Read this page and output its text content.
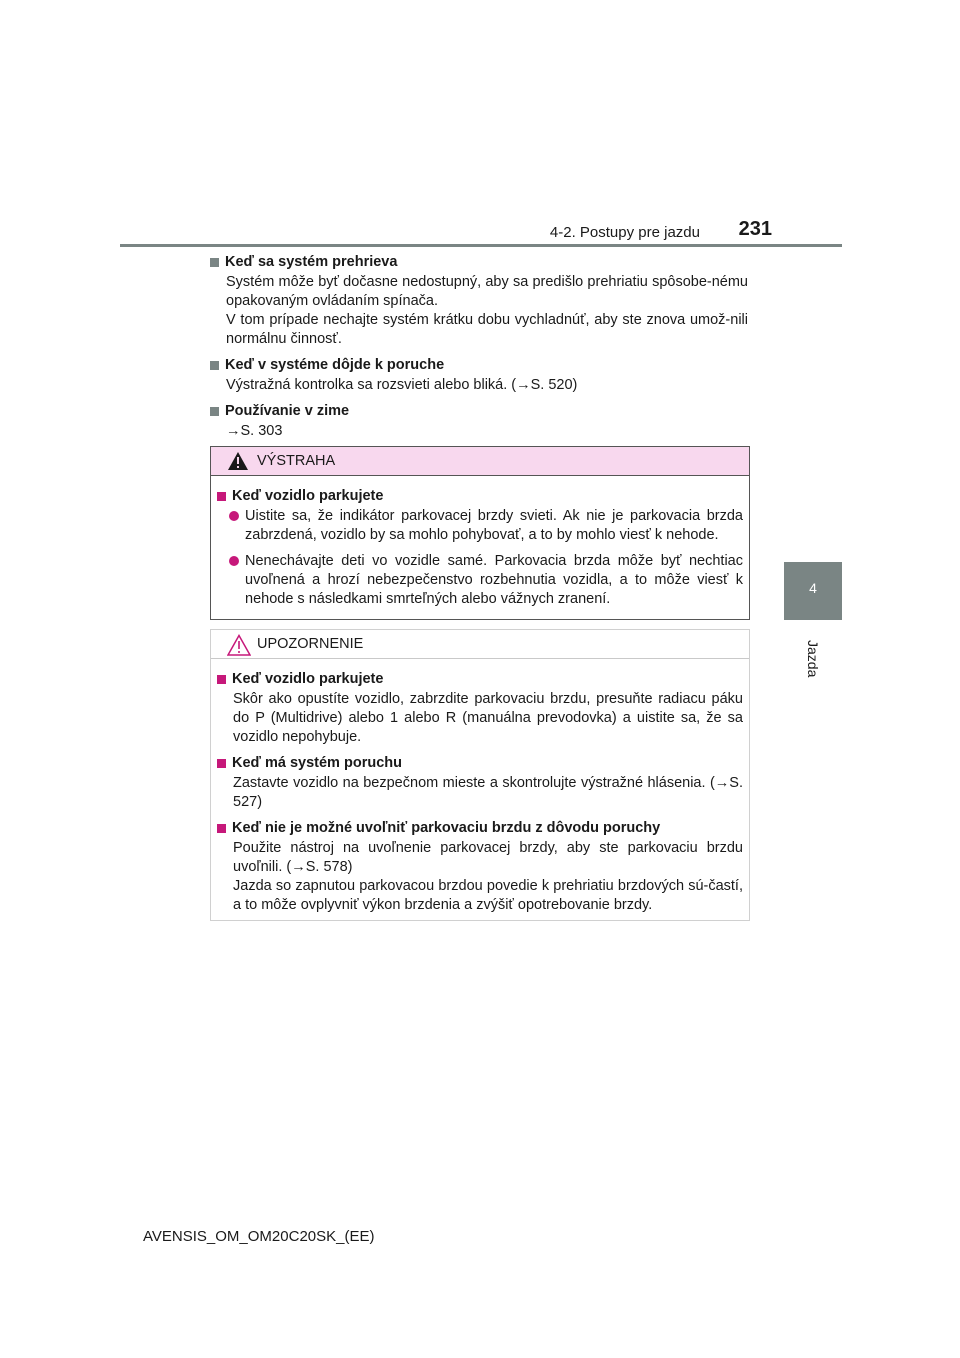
4-2. Postupy pre jazdu 231
4
Jazda
Keď sa systém prehrieva

Systém môže byť dočasne nedostupný, aby sa predišlo prehriatiu spôsobe-nému opakovaným ovládaním spínača.

V tom prípade nechajte systém krátku dobu vychladnúť, aby ste znova umož-nili normálnu činnosť.

Keď v systéme dôjde k poruche

Výstražná kontrolka sa rozsvieti alebo bliká. (→S. 520)

Používanie v zime

→S. 303

VÝSTRAHA
Keď vozidlo parkujete
Uistite sa, že indikátor parkovacej brzdy svieti. Ak nie je parkovacia brzda zabrzdená, vozidlo by sa mohlo pohybovať, a to by mohlo viesť k nehode.
Nenechávajte deti vo vozidle samé. Parkovacia brzda môže byť nechtiac uvoľnená a hrozí nebezpečenstvo rozbehnutia vozidla, a to môže viesť k nehode s následkami smrteľných alebo vážnych zranení.
UPOZORNENIE
Keď vozidlo parkujete

Skôr ako opustíte vozidlo, zabrzdite parkovaciu brzdu, presuňte radiacu páku do P (Multidrive) alebo 1 alebo R (manuálna prevodovka) a uistite sa, že sa vozidlo nepohybuje.

Keď má systém poruchu

Zastavte vozidlo na bezpečnom mieste a skontrolujte výstražné hlásenia. (→S. 527)

Keď nie je možné uvoľniť parkovaciu brzdu z dôvodu poruchy

Použite nástroj na uvoľnenie parkovacej brzdy, aby ste parkovaciu brzdu uvoľnili. (→S. 578)

Jazda so zapnutou parkovacou brzdou povedie k prehriatiu brzdových sú-častí, a to môže ovplyvniť výkon brzdenia a zvýšiť opotrebovanie brzdy.

AVENSIS_OM_OM20C20SK_(EE)
